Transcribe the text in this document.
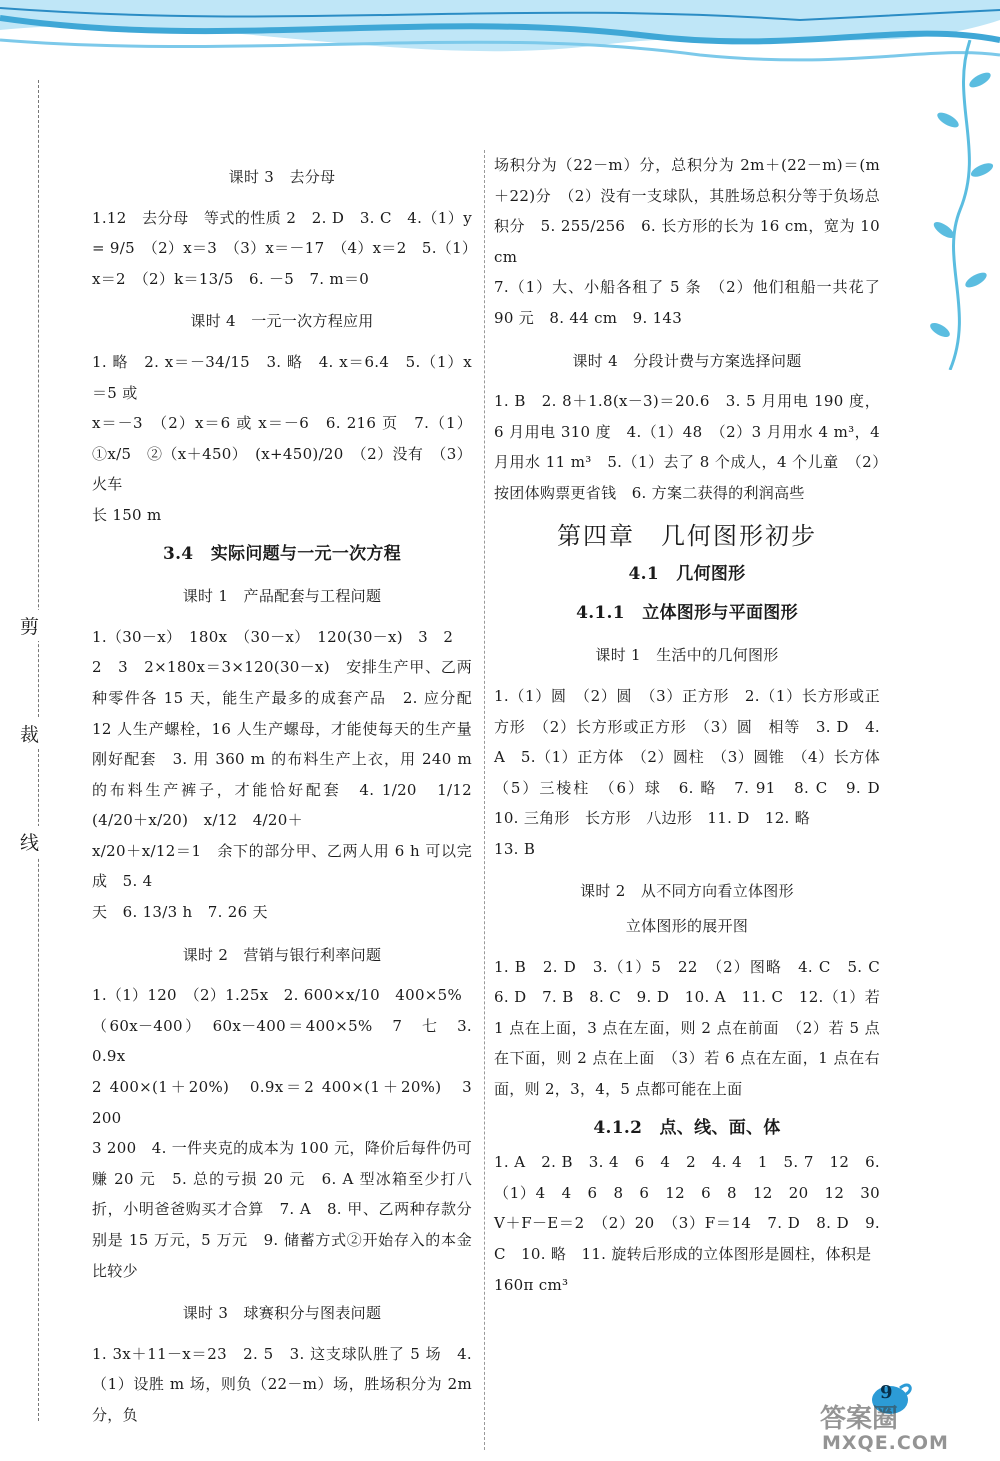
剪
裁
线
课时 3　去分母
1.12　去分母　等式的性质 2　2. D　3. C　4.（1）y = 9/5　（2）x＝3　（3）x＝－17　（4）x＝2　5.（1）
x＝2　（2）k＝13/5　6. －5　7. m＝0
课时 4　一元一次方程应用
1. 略　2. x＝－34/15　3. 略　4. x＝6.4　5.（1）x＝5 或
x＝－3　（2）x＝6 或 x＝－6　6. 216 页　7.（1）①x/5　②（x＋450）　(x+450)/20　（2）没有　（3）火车
长 150 m
3.4　实际问题与一元一次方程
课时 1　产品配套与工程问题
1.（30－x）　180x　（30－x）　120(30－x)　3　2
2　3　2×180x＝3×120(30－x)　安排生产甲、乙两种零件各 15 天，能生产最多的成套产品　2. 应分配 12 人生产螺栓，16 人生产螺母，才能使每天的生产量刚好配套　3. 用 360 m 的布料生产上衣，用 240 m 的布料生产裤子，才能恰好配套　4. 1/20　1/12　(4/20＋x/20)　x/12　4/20＋
x/20＋x/12＝1　余下的部分甲、乙两人用 6 h 可以完成　5. 4
天　6. 13/3 h　7. 26 天
课时 2　营销与银行利率问题
1.（1）120　（2）1.25x　2. 600×x/10　400×5%
（60x－400）　60x－400＝400×5%　7　七　3. 0.9x
2 400×(1＋20%)　0.9x＝2 400×(1＋20%)　3 200
3 200　4. 一件夹克的成本为 100 元，降价后每件仍可赚 20 元　5. 总的亏损 20 元　6. A 型冰箱至少打八折，小明爸爸购买才合算　7. A　8. 甲、乙两种存款分别是 15 万元，5 万元　9. 储蓄方式②开始存入的本金比较少
课时 3　球赛积分与图表问题
1. 3x＋11－x＝23　2. 5　3. 这支球队胜了 5 场　4.（1）设胜 m 场，则负（22－m）场，胜场积分为 2m 分，负
场积分为（22－m）分，总积分为 2m＋(22－m)＝(m＋22)分　（2）没有一支球队，其胜场总积分等于负场总积分　5. 255/256　6. 长方形的长为 16 cm，宽为 10 cm
7.（1）大、小船各租了 5 条　（2）他们租船一共花了 90 元　8. 44 cm　9. 143
课时 4　分段计费与方案选择问题
1. B　2. 8＋1.8(x－3)＝20.6　3. 5 月用电 190 度，6 月用电 310 度　4.（1）48　（2）3 月用水 4 m³，4 月用水 11 m³　5.（1）去了 8 个成人，4 个儿童　（2）按团体购票更省钱　6. 方案二获得的利润高些
第四章　几何图形初步
4.1　几何图形
4.1.1　立体图形与平面图形
课时 1　生活中的几何图形
1.（1）圆　（2）圆　（3）正方形　2.（1）长方形或正方形　（2）长方形或正方形　（3）圆　相等　3. D　4. A　5.（1）正方体　（2）圆柱　（3）圆锥　（4）长方体　（5）三棱柱　（6）球　6. 略　7. 91　8. C　9. D　10. 三角形　长方形　八边形　11. D　12. 略
13. B
课时 2　从不同方向看立体图形
立体图形的展开图
1. B　2. D　3.（1）5　22　（2）图略　4. C　5. C　6. D　7. B　8. C　9. D　10. A　11. C　12.（1）若 1 点在上面，3 点在左面，则 2 点在前面　（2）若 5 点在下面，则 2 点在上面　（3）若 6 点在左面，1 点在右面，则 2，3，4，5 点都可能在上面
4.1.2　点、线、面、体
1. A　2. B　3. 4　6　4　2　4. 4　1　5. 7　12　6.（1）4　4　6　8　6　12　6　8　12　20　12　30　V＋F－E＝2　（2）20　（3）F＝14　7. D　8. D　9. C　10. 略　11. 旋转后形成的立体图形是圆柱，体积是
160π cm³
9
答案圈
MXQE.COM
